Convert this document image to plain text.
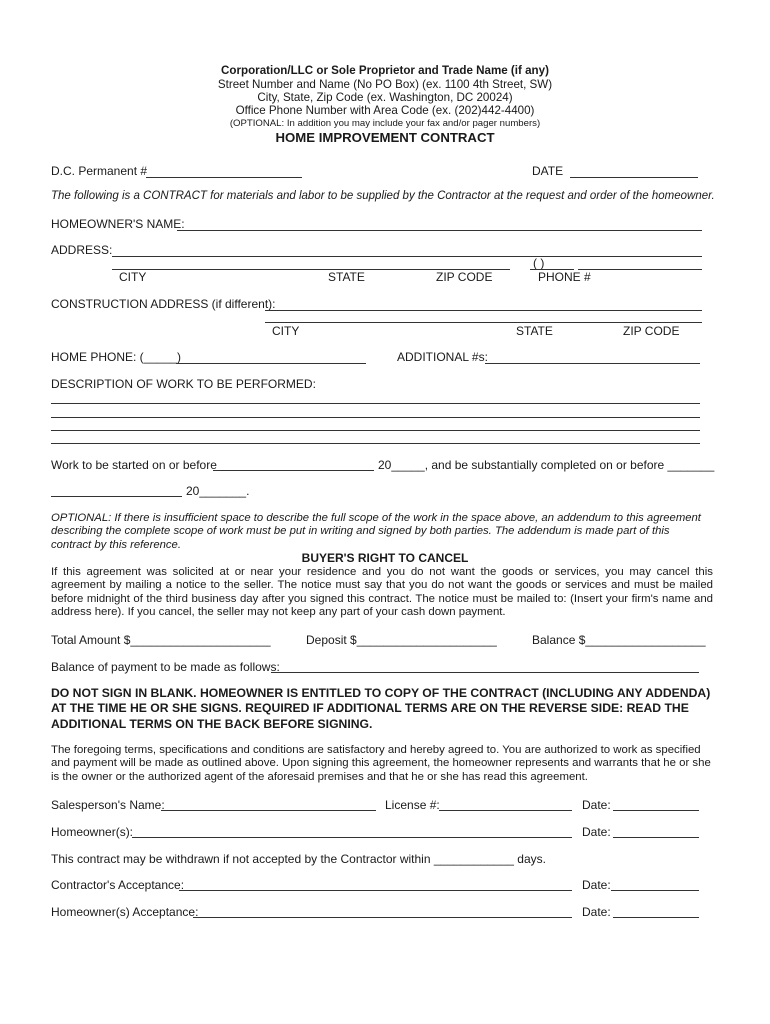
Corporation/LLC or Sole Proprietor and Trade Name (if any)
Street Number and Name (No PO Box) (ex. 1100 4th Street, SW)
City, State, Zip Code (ex. Washington, DC 20024)
Office Phone Number with Area Code (ex. (202)442-4400)
(OPTIONAL: In addition you may include your fax and/or pager numbers)
HOME IMPROVEMENT CONTRACT
D.C. Permanent #	DATE
The following is a CONTRACT for materials and labor to be supplied by the Contractor at the request and order of the homeowner.
HOMEOWNER'S NAME:
ADDRESS:
( )
CITY	STATE	ZIP CODE	PHONE #
CONSTRUCTION ADDRESS (if different):
CITY	STATE	ZIP CODE
HOME PHONE: (_____)	ADDITIONAL #s:
DESCRIPTION OF WORK TO BE PERFORMED:
Work to be started on or before	20_____, and be substantially completed on or before _______
20_______.
OPTIONAL: If there is insufficient space to describe the full scope of the work in the space above, an addendum to this agreement describing the complete scope of work must be put in writing and signed by both parties. The addendum is made part of this contract by this reference.
BUYER'S RIGHT TO CANCEL
If this agreement was solicited at or near your residence and you do not want the goods or services, you may cancel this agreement by mailing a notice to the seller. The notice must say that you do not want the goods or services and must be mailed before midnight of the third business day after you signed this contract. The notice must be mailed to: (Insert your firm's name and address here). If you cancel, the seller may not keep any part of your cash down payment.
Total Amount $_____________________	Deposit $_____________________	Balance $__________________
Balance of payment to be made as follows:
DO NOT SIGN IN BLANK. HOMEOWNER IS ENTITLED TO COPY OF THE CONTRACT (INCLUDING ANY ADDENDA) AT THE TIME HE OR SHE SIGNS. REQUIRED IF ADDITIONAL TERMS ARE ON THE REVERSE SIDE: READ THE ADDITIONAL TERMS ON THE BACK BEFORE SIGNING.
The foregoing terms, specifications and conditions are satisfactory and hereby agreed to. You are authorized to work as specified and payment will be made as outlined above. Upon signing this agreement, the homeowner represents and warrants that he or she is the owner or the authorized agent of the aforesaid premises and that he or she has read this agreement.
Salesperson's Name:	License #:	Date:
Homeowner(s):	Date:
This contract may be withdrawn if not accepted by the Contractor within ____________ days.
Contractor's Acceptance:	Date:
Homeowner(s) Acceptance:	Date:
